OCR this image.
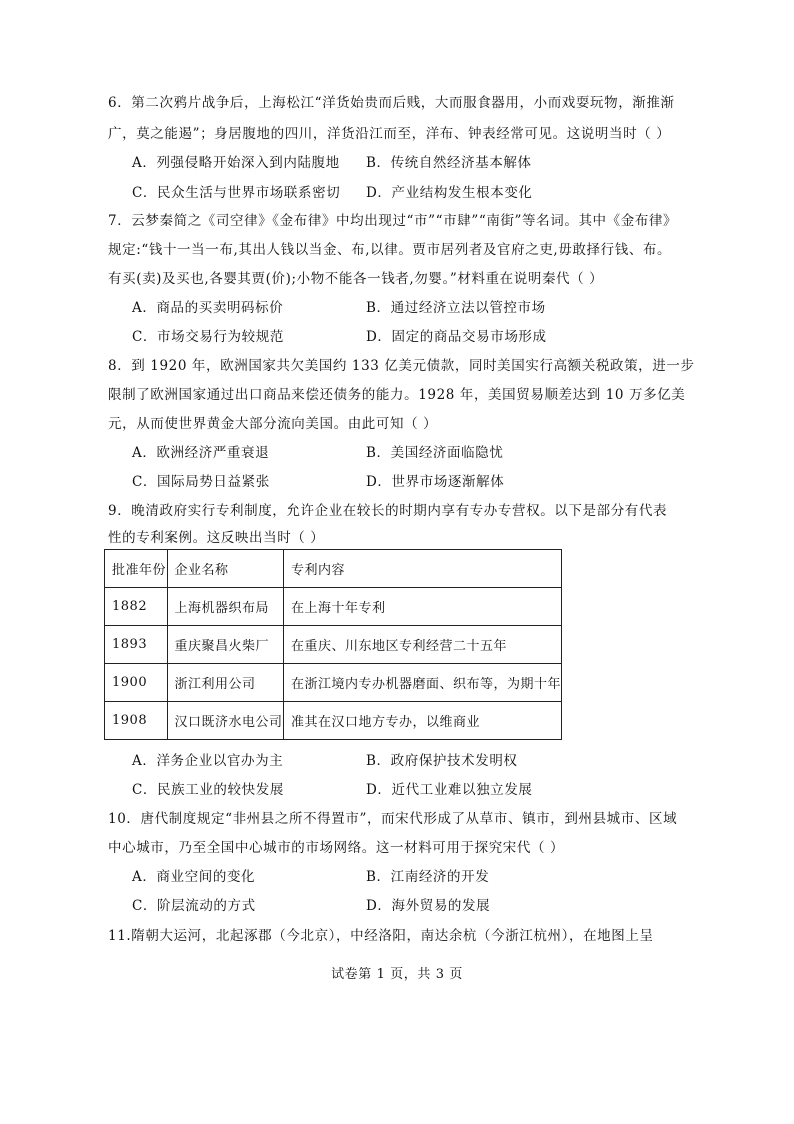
6．第二次鸦片战争后，上海松江“洋货始贵而后贱，大而服食器用，小而戏耍玩物，渐推渐
广，莫之能遏”；身居腹地的四川，洋货沿江而至，洋布、钟表经常可见。这说明当时（ ）
A．列强侵略开始深入到内陆腹地 B．传统自然经济基本解体
C．民众生活与世界市场联系密切 D．产业结构发生根本变化
7．云梦秦简之《司空律》《金布律》中均出现过“市”“市肆”“南街”等名词。其中《金布律》
规定:“钱十一当一布,其出人钱以当金、布,以律。贾市居列者及官府之吏,毋敢择行钱、布。
有买(卖)及买也,各婴其贾(价);小物不能各一钱者,勿婴。”材料重在说明秦代（ ）
A．商品的买卖明码标价	B．通过经济立法以管控市场
C．市场交易行为较规范	D．固定的商品交易市场形成
8．到 1920 年，欧洲国家共欠美国约 133 亿美元债款，同时美国实行高额关税政策，进一步
限制了欧洲国家通过出口商品来偿还债务的能力。1928 年，美国贸易顺差达到 10 万多亿美
元，从而使世界黄金大部分流向美国。由此可知（ ）
A．欧洲经济严重衰退	B．美国经济面临隐忧
C．国际局势日益紧张	D．世界市场逐渐解体
9．晚清政府实行专利制度，允许企业在较长的时期内享有专办专营权。以下是部分有代表
性的专利案例。这反映出当时（ ）
批准年份	企业名称	专利内容
1882	上海机器织布局	在上海十年专利
1893	重庆聚昌火柴厂	在重庆、川东地区专利经营二十五年
1900	浙江利用公司	在浙江境内专办机器磨面、织布等，为期十年
1908	汉口既济水电公司	准其在汉口地方专办，以维商业
A．洋务企业以官办为主	B．政府保护技术发明权
C．民族工业的较快发展	D．近代工业难以独立发展
10．唐代制度规定“非州县之所不得置市”，而宋代形成了从草市、镇市，到州县城市、区域
中心城市，乃至全国中心城市的市场网络。这一材料可用于探究宋代（ ）
A．商业空间的变化	B．江南经济的开发
C．阶层流动的方式	D．海外贸易的发展
11.隋朝大运河，北起涿郡（今北京），中经洛阳，南达余杭（今浙江杭州），在地图上呈
试卷第 1 页，共 3 页
